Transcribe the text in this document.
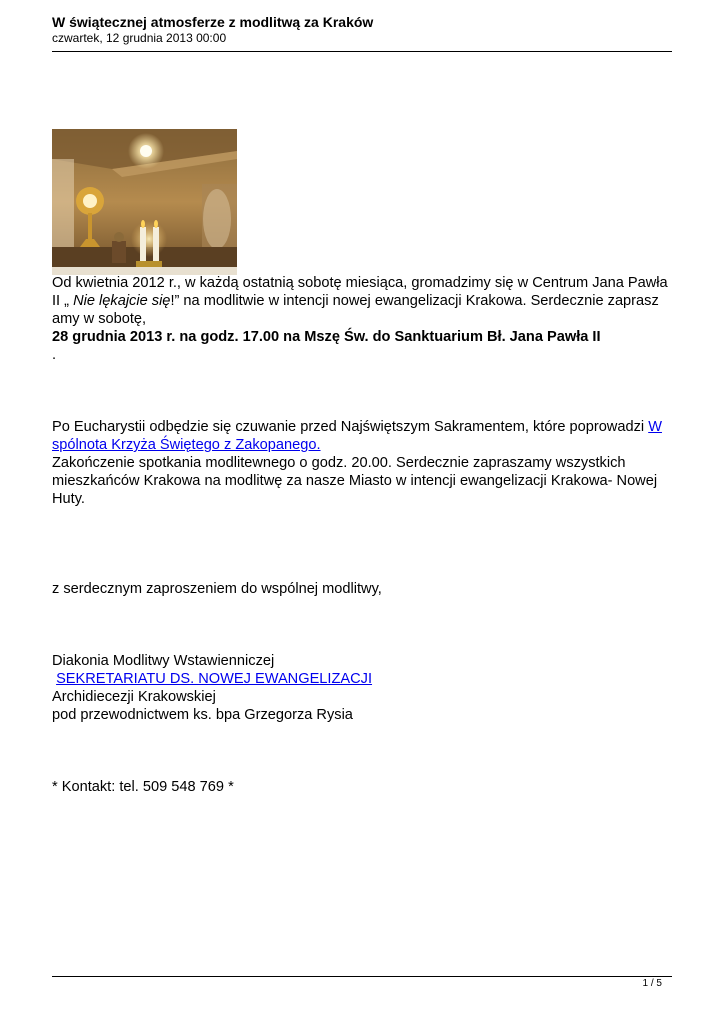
W świątecznej atmosferze z modlitwą za Kraków
czwartek, 12 grudnia 2013 00:00

Od kwietnia 2012 r., w każdą ostatnią sobotę miesiąca, gromadzimy się w Centrum Jana Pawła II „ Nie lękajcie się!” na modlitwie w intencji nowej ewangelizacji Krakowa. Serdecznie zaprasz amy w sobotę,

28 grudnia 2013 r. na godz. 17.00 na Mszę Św. do Sanktuarium Bł. Jana Pawła II

.

Po Eucharystii odbędzie się czuwanie przed Najświętszym Sakramentem, które poprowadzi W spólnota Krzyża Świętego z Zakopanego.

Zakończenie spotkania modlitewnego o godz. 20.00. Serdecznie zapraszamy wszystkich mieszkańców Krakowa na modlitwę za nasze Miasto w intencji ewangelizacji Krakowa- Nowej Huty.

z serdecznym zaproszeniem do wspólnej modlitwy,

Diakonia Modlitwy Wstawienniczej

SEKRETARIATU DS. NOWEJ EWANGELIZACJI

Archidiecezji Krakowskiej

pod przewodnictwem ks. bpa Grzegorza Rysia

* Kontakt: tel. 509 548 769 *

1 / 5
